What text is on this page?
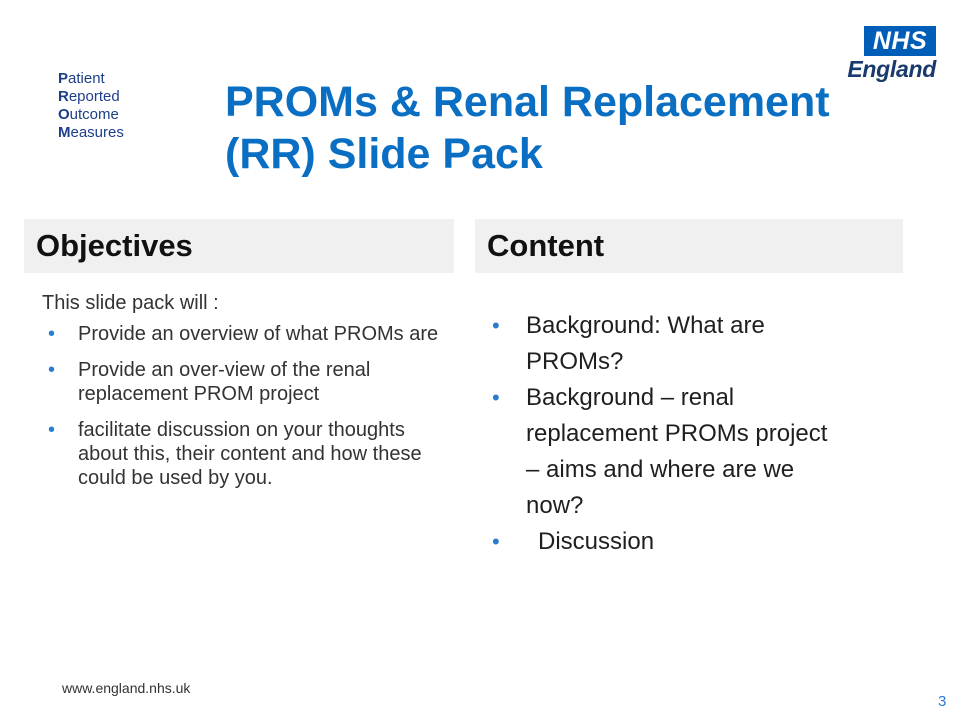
NHS
England
Patient
Reported
Outcome
Measures
PROMs & Renal Replacement (RR) Slide Pack
Objectives	Content

This slide pack will :

• Provide an overview of what PROMs are
• Provide an over-view of the renal replacement PROM project
• facilitate discussion on your thoughts about this, their content and how these could be used by you.
• Background: What are PROMs?
• Background – renal replacement PROMs project – aims and where are we now?
• Discussion
www.england.nhs.uk
3
